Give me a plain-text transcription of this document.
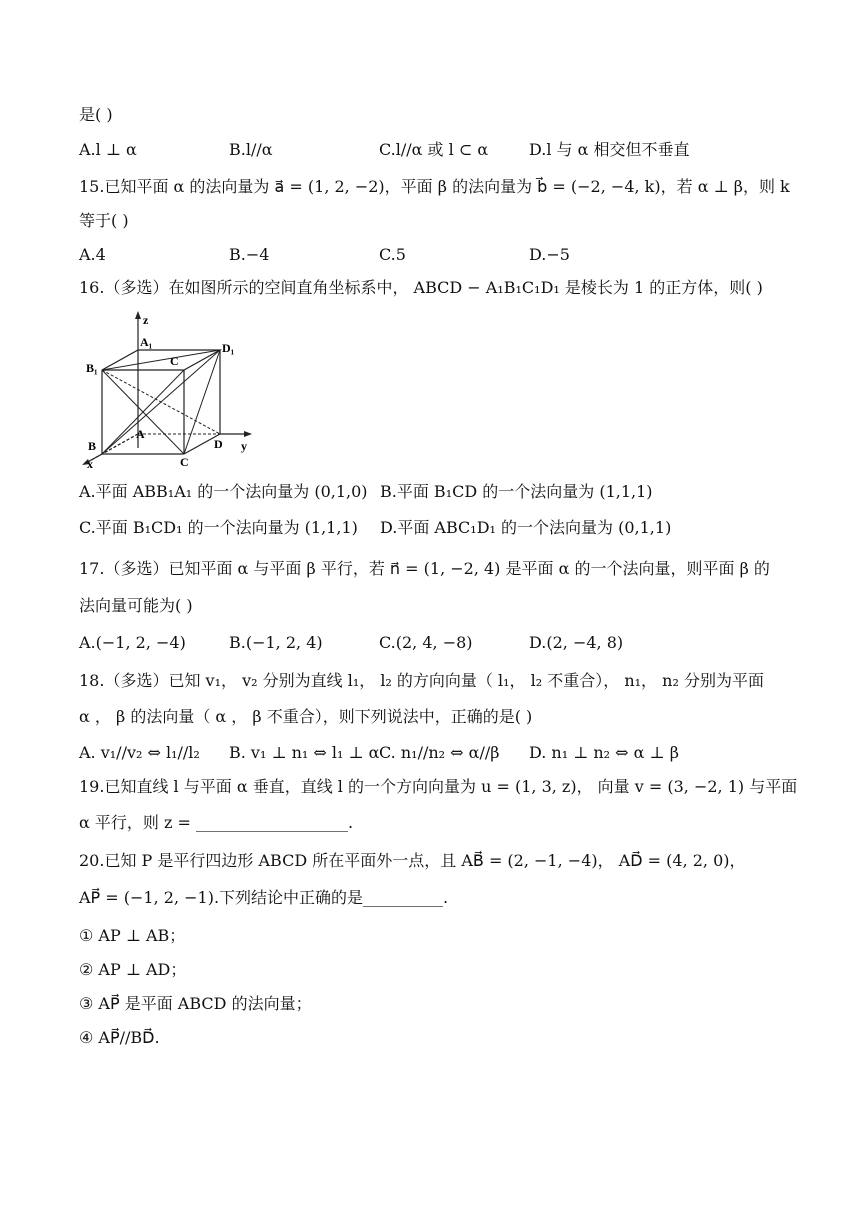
是( )
A.l ⊥ α	B.l//α	C.l//α 或 l ⊂ α	D.l 与 α 相交但不垂直
15.已知平面 α 的法向量为 a⃗ = (1, 2, −2)，平面 β 的法向量为 b⃗ = (−2, −4, k)，若 α ⊥ β，则 k
等于( )
A.4	B.−4	C.5	D.−5
16.（多选）在如图所示的空间直角坐标系中， ABCD − A₁B₁C₁D₁ 是棱长为 1 的正方体，则( )
z
y
x
A₁
B₁	C
D₁
A
B
C
D
A.平面 ABB₁A₁ 的一个法向量为 (0,1,0) B.平面 B₁CD 的一个法向量为 (1,1,1)
C.平面 B₁CD₁ 的一个法向量为 (1,1,1) D.平面 ABC₁D₁ 的一个法向量为 (0,1,1)
17.（多选）已知平面 α 与平面 β 平行，若 n⃗ = (1, −2, 4) 是平面 α 的一个法向量，则平面 β 的
法向量可能为( )
A.(−1, 2, −4)	B.(−1, 2, 4)	C.(2, 4, −8)	D.(2, −4, 8)
18.（多选）已知 v₁， v₂ 分别为直线 l₁， l₂ 的方向向量（ l₁， l₂ 不重合）， n₁， n₂ 分别为平面
α ， β 的法向量（ α ， β 不重合），则下列说法中，正确的是( )
A. v₁//v₂ ⇔ l₁//l₂ B. v₁ ⊥ n₁ ⇔ l₁ ⊥ α C. n₁//n₂ ⇔ α//β D. n₁ ⊥ n₂ ⇔ α ⊥ β
19.已知直线 l 与平面 α 垂直，直线 l 的一个方向向量为 u = (1, 3, z)， 向量 v = (3, −2, 1) 与平面
α 平行，则 z = ___________________.
20.已知 P 是平行四边形 ABCD 所在平面外一点，且 AB⃗ = (2, −1, −4)， AD⃗ = (4, 2, 0)，
AP⃗ = (−1, 2, −1).下列结论中正确的是__________.
① AP ⊥ AB；
② AP ⊥ AD；
③ AP⃗ 是平面 ABCD 的法向量；
④ AP⃗//BD⃗.
